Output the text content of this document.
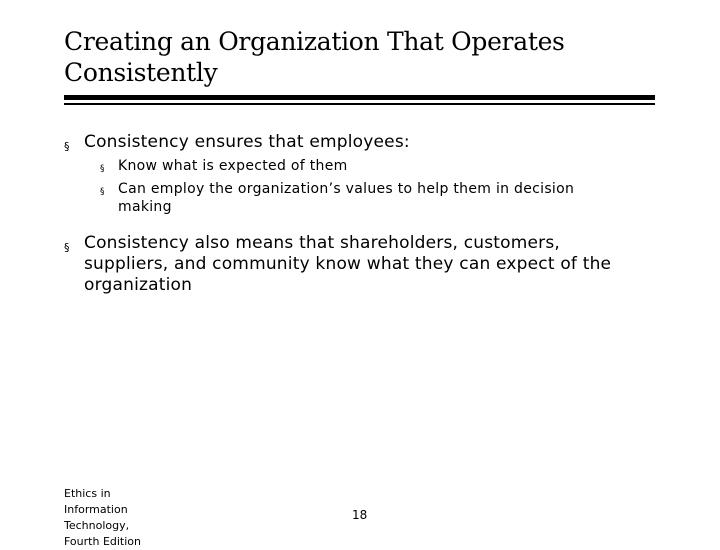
Creating an Organization That Operates Consistently
§ Consistency ensures that employees:
§ Know what is expected of them
§ Can employ the organization’s values to help them in decision making
§ Consistency also means that shareholders, customers, suppliers, and community know what they can expect of the organization
Ethics in Information Technology, Fourth Edition
18
